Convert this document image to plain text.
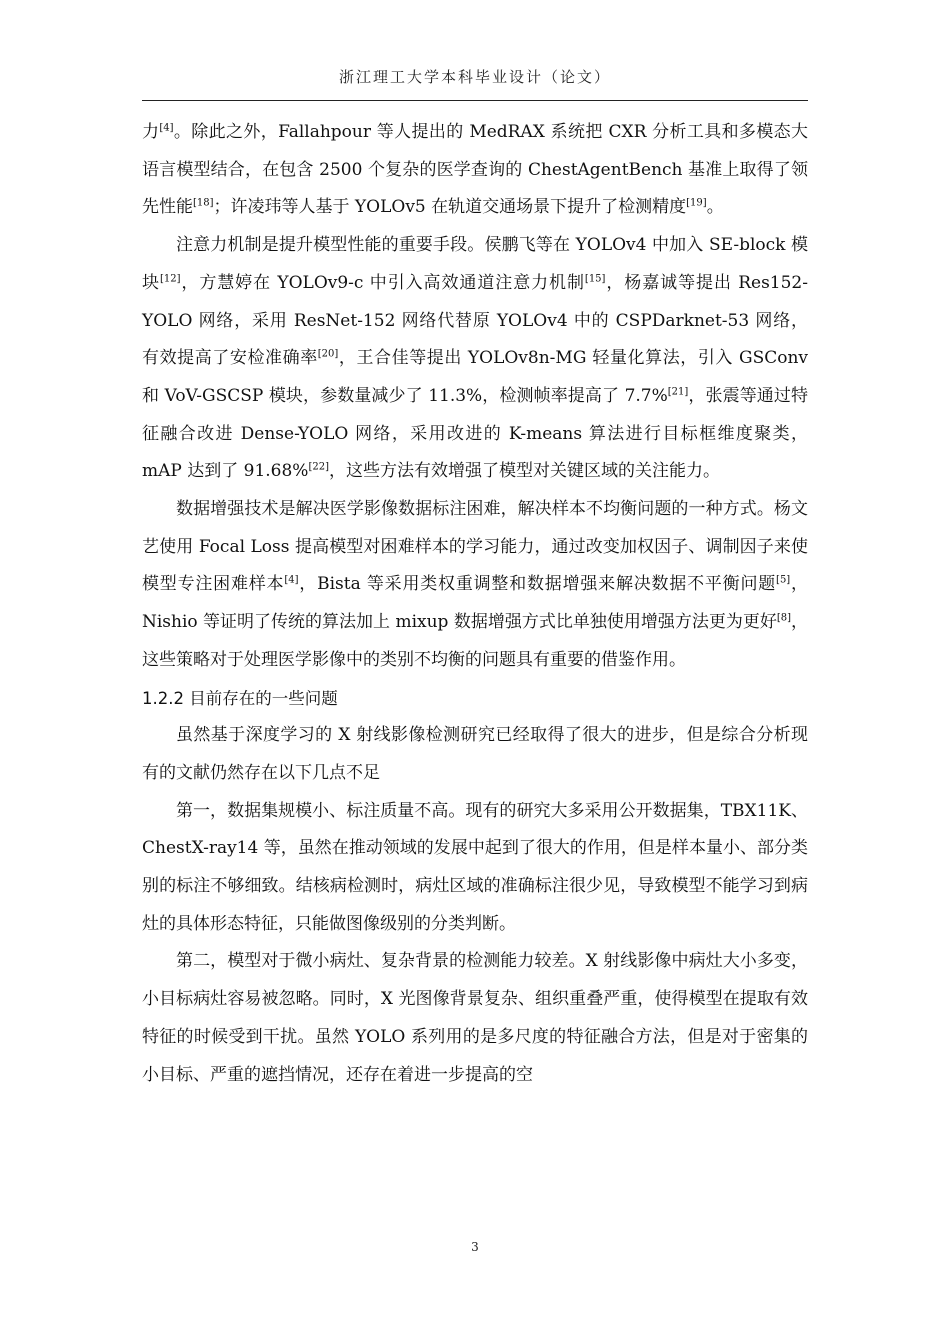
浙江理工大学本科毕业设计（论文）

力[4]。除此之外，Fallahpour 等人提出的 MedRAX 系统把 CXR 分析工具和多模态大语言模型结合，在包含 2500 个复杂的医学查询的 ChestAgentBench 基准上取得了领先性能[18]；许凌玮等人基于 YOLOv5 在轨道交通场景下提升了检测精度[19]。

注意力机制是提升模型性能的重要手段。侯鹏飞等在 YOLOv4 中加入 SE-block 模块[12]，方慧婷在 YOLOv9-c 中引入高效通道注意力机制[15]，杨嘉诚等提出 Res152-YOLO 网络，采用 ResNet-152 网络代替原 YOLOv4 中的 CSPDarknet-53 网络，有效提高了安检准确率[20]，王合佳等提出 YOLOv8n-MG 轻量化算法，引入 GSConv 和 VoV-GSCSP 模块，参数量减少了 11.3%，检测帧率提高了 7.7%[21]，张震等通过特征融合改进 Dense-YOLO 网络，采用改进的 K-means 算法进行目标框维度聚类，mAP 达到了 91.68%[22]，这些方法有效增强了模型对关键区域的关注能力。

数据增强技术是解决医学影像数据标注困难，解决样本不均衡问题的一种方式。杨文艺使用 Focal Loss 提高模型对困难样本的学习能力，通过改变加权因子、调制因子来使模型专注困难样本[4]，Bista 等采用类权重调整和数据增强来解决数据不平衡问题[5]，Nishio 等证明了传统的算法加上 mixup 数据增强方式比单独使用增强方法更为更好[8]，这些策略对于处理医学影像中的类别不均衡的问题具有重要的借鉴作用。

1.2.2 目前存在的一些问题

虽然基于深度学习的 X 射线影像检测研究已经取得了很大的进步，但是综合分析现有的文献仍然存在以下几点不足

第一，数据集规模小、标注质量不高。现有的研究大多采用公开数据集，TBX11K、ChestX-ray14 等，虽然在推动领域的发展中起到了很大的作用，但是样本量小、部分类别的标注不够细致。结核病检测时，病灶区域的准确标注很少见，导致模型不能学习到病灶的具体形态特征，只能做图像级别的分类判断。

第二，模型对于微小病灶、复杂背景的检测能力较差。X 射线影像中病灶大小多变，小目标病灶容易被忽略。同时，X 光图像背景复杂、组织重叠严重，使得模型在提取有效特征的时候受到干扰。虽然 YOLO 系列用的是多尺度的特征融合方法，但是对于密集的小目标、严重的遮挡情况，还存在着进一步提高的空

3
